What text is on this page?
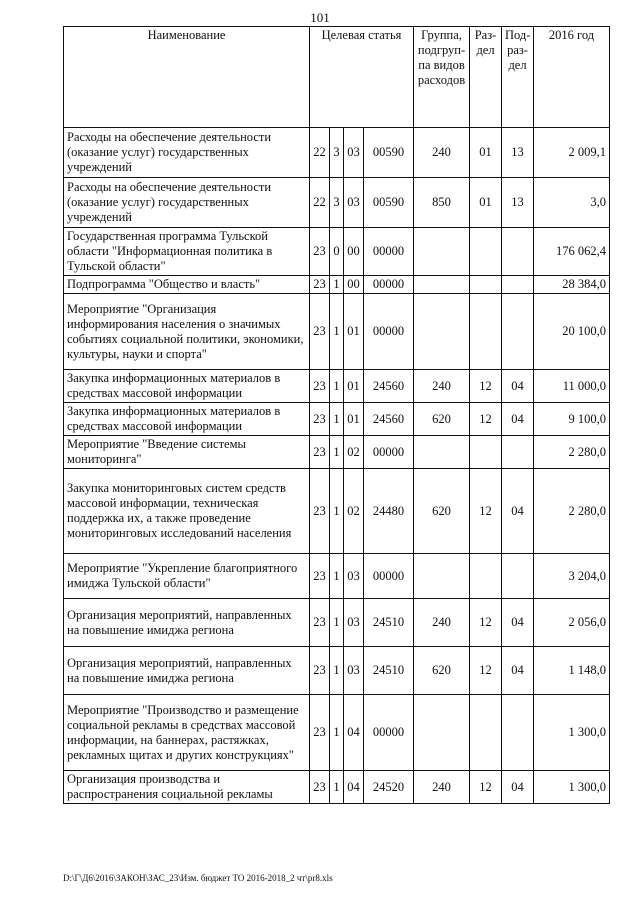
101
Наименование	Целевая статья				Группа, подгруп-па видов расходов	Раз-дел	Под-раз-дел	2016 год
Расходы на обеспечение деятельности (оказание услуг) государственных учреждений	22	3	03	00590	240	01	13	2 009,1
Расходы на обеспечение деятельности (оказание услуг) государственных учреждений	22	3	03	00590	850	01	13	3,0
Государственная программа Тульской области "Информационная политика в Тульской области"	23	0	00	00000				176 062,4
Подпрограмма "Общество и власть"	23	1	00	00000				28 384,0
Мероприятие "Организация информирования населения о значимых событиях социальной политики, экономики, культуры, науки и спорта"	23	1	01	00000				20 100,0
Закупка информационных материалов в средствах массовой информации	23	1	01	24560	240	12	04	11 000,0
Закупка информационных материалов в средствах массовой информации	23	1	01	24560	620	12	04	9 100,0
Мероприятие "Введение системы мониторинга"	23	1	02	00000				2 280,0
Закупка мониторинговых систем средств массовой информации, техническая поддержка их, а также проведение мониторинговых исследований населения	23	1	02	24480	620	12	04	2 280,0
Мероприятие "Укрепление благоприятного имиджа Тульской области"	23	1	03	00000				3 204,0
Организация мероприятий, направленных на повышение имиджа региона	23	1	03	24510	240	12	04	2 056,0
Организация мероприятий, направленных на повышение имиджа региона	23	1	03	24510	620	12	04	1 148,0
Мероприятие "Производство и размещение социальной рекламы в средствах массовой информации, на баннерах, растяжках, рекламных щитах и других конструкциях"	23	1	04	00000				1 300,0
Организация производства и распространения социальной рекламы	23	1	04	24520	240	12	04	1 300,0
D:\Г\Д6\2016\ЗАКОН\ЗАС_23\Изм. бюджет ТО 2016-2018_2 чт\pr8.xls
